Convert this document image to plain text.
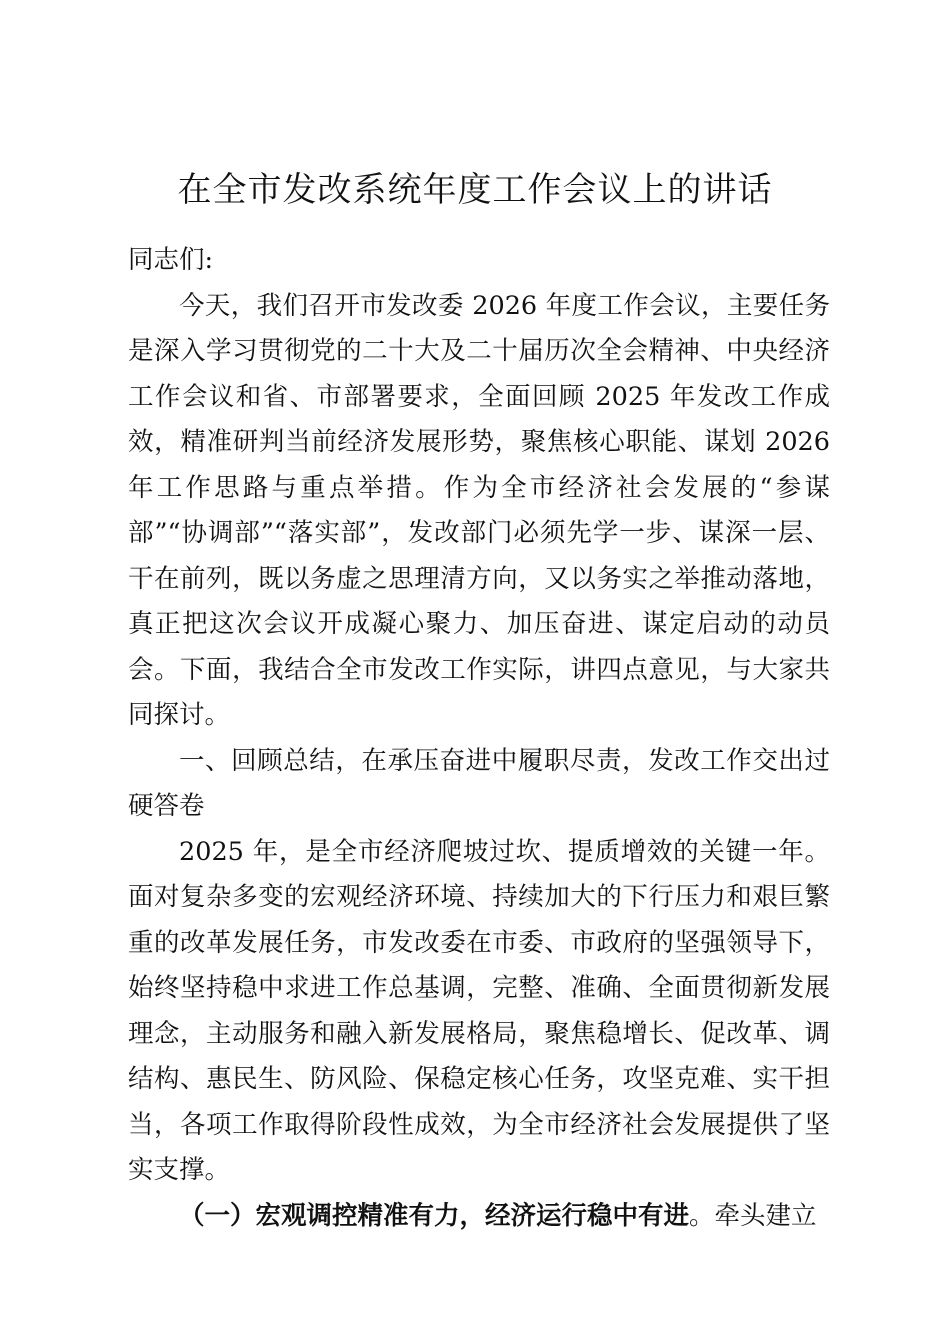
在全市发改系统年度工作会议上的讲话

同志们:

今天，我们召开市发改委 2026 年度工作会议，主要任务是深入学习贯彻党的二十大及二十届历次全会精神、中央经济工作会议和省、市部署要求，全面回顾 2025 年发改工作成效，精准研判当前经济发展形势，聚焦核心职能、谋划 2026 年工作思路与重点举措。作为全市经济社会发展的“参谋部”“协调部”“落实部”，发改部门必须先学一步、谋深一层、干在前列，既以务虚之思理清方向，又以务实之举推动落地，真正把这次会议开成凝心聚力、加压奋进、谋定启动的动员会。下面，我结合全市发改工作实际，讲四点意见，与大家共同探讨。

一、回顾总结，在承压奋进中履职尽责，发改工作交出过硬答卷

2025 年，是全市经济爬坡过坎、提质增效的关键一年。面对复杂多变的宏观经济环境、持续加大的下行压力和艰巨繁重的改革发展任务，市发改委在市委、市政府的坚强领导下，始终坚持稳中求进工作总基调，完整、准确、全面贯彻新发展理念，主动服务和融入新发展格局，聚焦稳增长、促改革、调结构、惠民生、防风险、保稳定核心任务，攻坚克难、实干担当，各项工作取得阶段性成效，为全市经济社会发展提供了坚实支撑。

（一）宏观调控精准有力，经济运行稳中有进。牵头建立
